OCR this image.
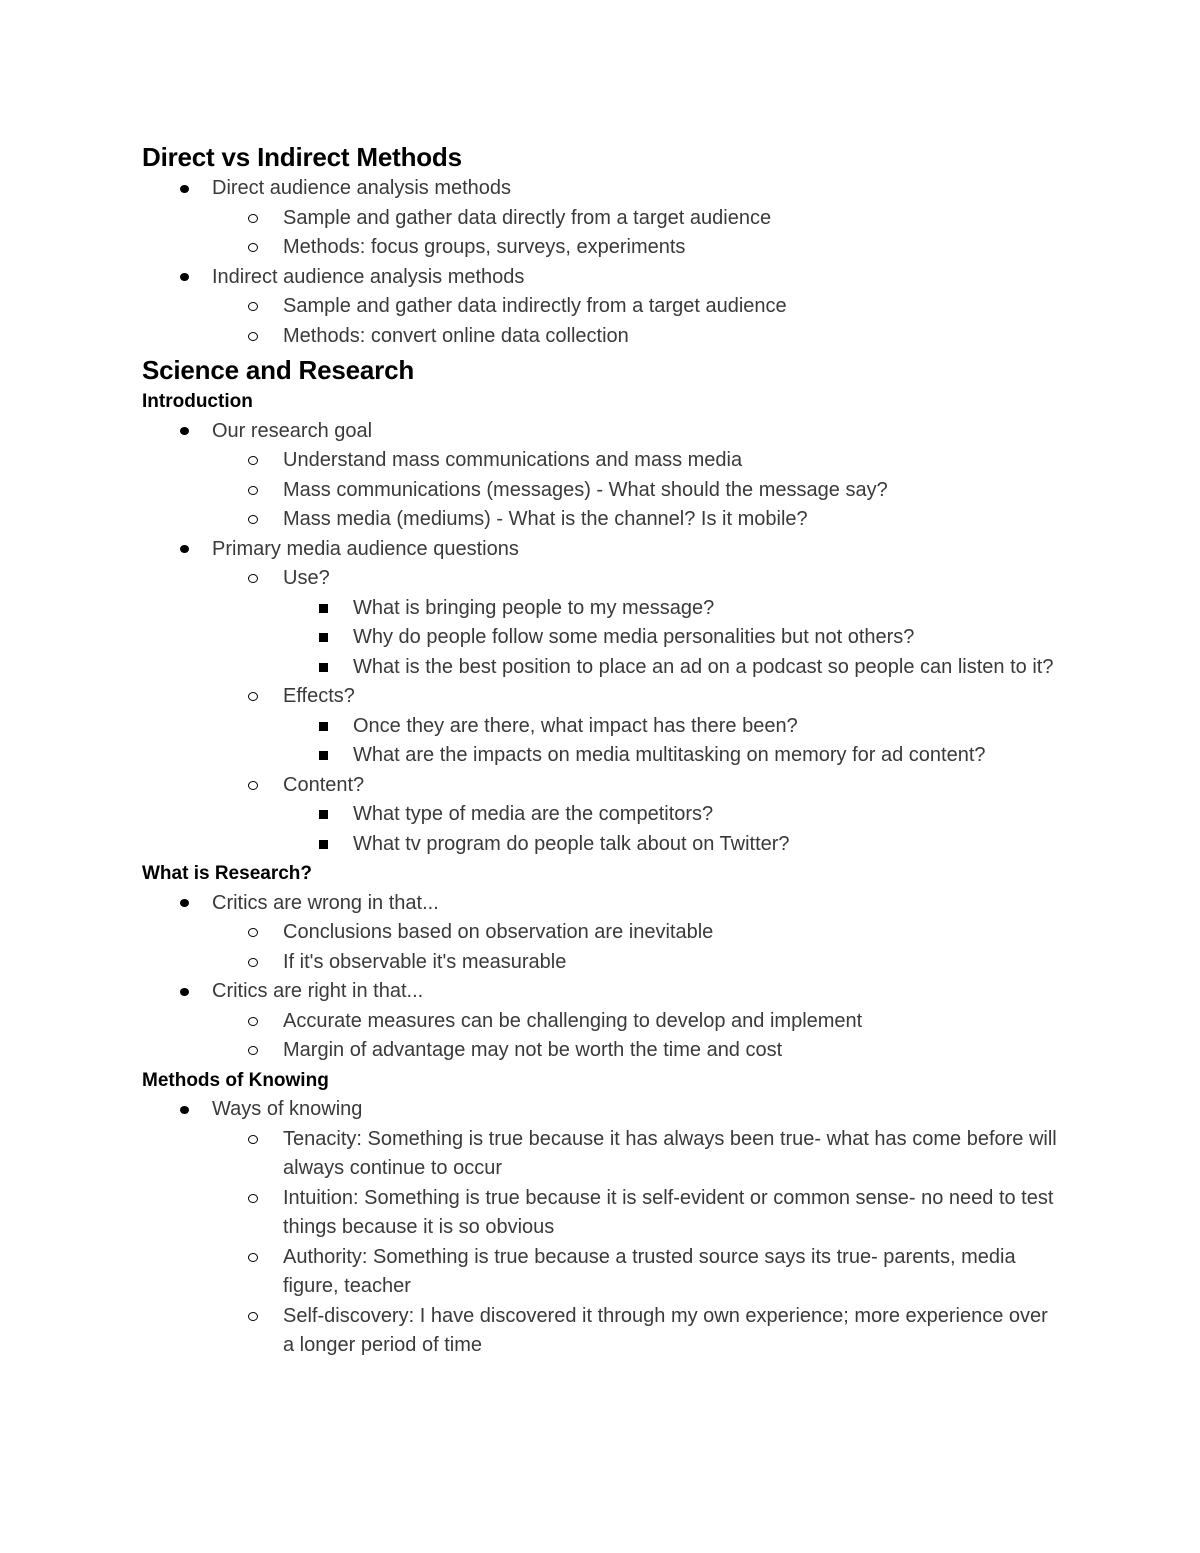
Direct vs Indirect Methods
Direct audience analysis methods
Sample and gather data directly from a target audience
Methods: focus groups, surveys, experiments
Indirect audience analysis methods
Sample and gather data indirectly from a target audience
Methods: convert online data collection
Science and Research
Introduction
Our research goal
Understand mass communications and mass media
Mass communications (messages) - What should the message say?
Mass media (mediums) - What is the channel? Is it mobile?
Primary media audience questions
Use?
What is bringing people to my message?
Why do people follow some media personalities but not others?
What is the best position to place an ad on a podcast so people can listen to it?
Effects?
Once they are there, what impact has there been?
What are the impacts on media multitasking on memory for ad content?
Content?
What type of media are the competitors?
What tv program do people talk about on Twitter?
What is Research?
Critics are wrong in that...
Conclusions based on observation are inevitable
If it's observable it's measurable
Critics are right in that...
Accurate measures can be challenging to develop and implement
Margin of advantage may not be worth the time and cost
Methods of Knowing
Ways of knowing
Tenacity: Something is true because it has always been true- what has come before will always continue to occur
Intuition: Something is true because it is self-evident or common sense- no need to test things because it is so obvious
Authority: Something is true because a trusted source says its true- parents, media figure, teacher
Self-discovery: I have discovered it through my own experience; more experience over a longer period of time
